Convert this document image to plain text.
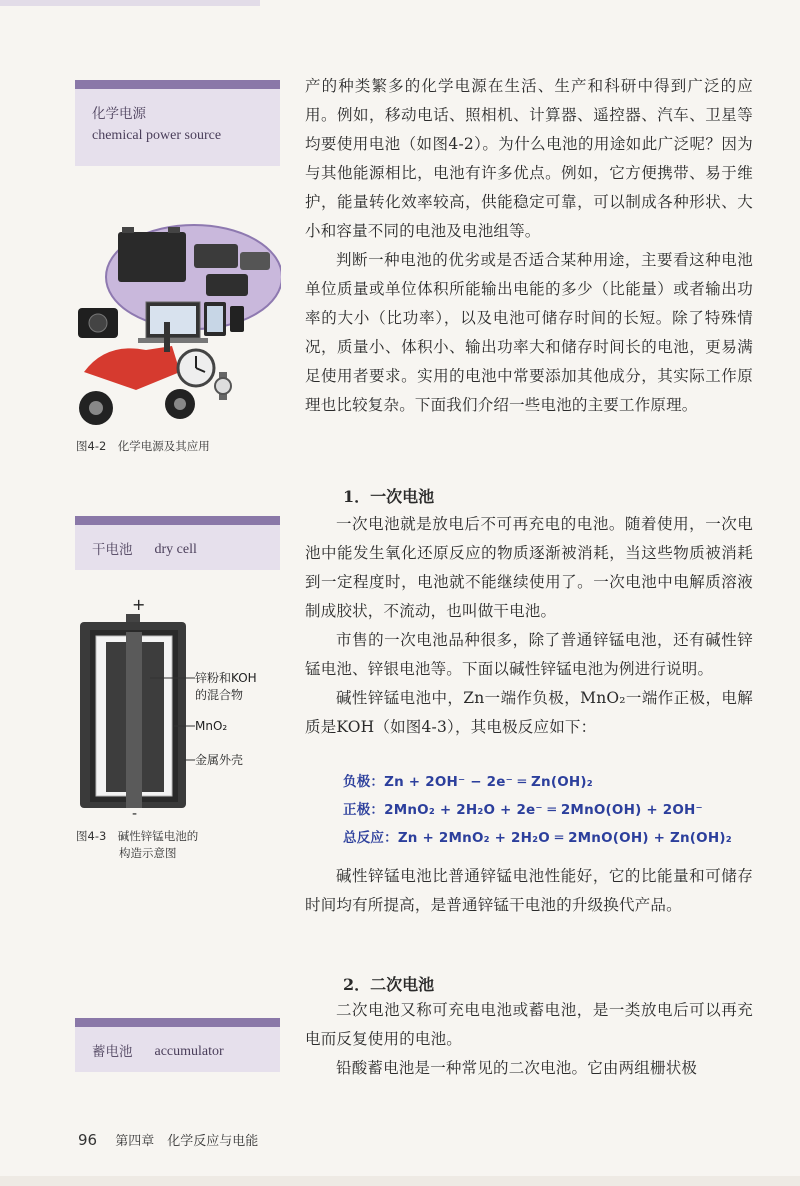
化学电源
chemical power source
图4-2　化学电源及其应用
干电池 dry cell
+
-
锌粉和KOH
的混合物
MnO₂
金属外壳
图4-3　碱性锌锰电池的
构造示意图
蓄电池 accumulator

产的种类繁多的化学电源在生活、生产和科研中得到广泛的应用。例如，移动电话、照相机、计算器、遥控器、汽车、卫星等均要使用电池（如图4-2）。为什么电池的用途如此广泛呢？因为与其他能源相比，电池有许多优点。例如，它方便携带、易于维护，能量转化效率较高，供能稳定可靠，可以制成各种形状、大小和容量不同的电池及电池组等。

判断一种电池的优劣或是否适合某种用途，主要看这种电池单位质量或单位体积所能输出电能的多少（比能量）或者输出功率的大小（比功率），以及电池可储存时间的长短。除了特殊情况，质量小、体积小、输出功率大和储存时间长的电池，更易满足使用者要求。实用的电池中常要添加其他成分，其实际工作原理也比较复杂。下面我们介绍一些电池的主要工作原理。

1．一次电池

一次电池就是放电后不可再充电的电池。随着使用，一次电池中能发生氧化还原反应的物质逐渐被消耗，当这些物质被消耗到一定程度时，电池就不能继续使用了。一次电池中电解质溶液制成胶状，不流动，也叫做干电池。

市售的一次电池品种很多，除了普通锌锰电池，还有碱性锌锰电池、锌银电池等。下面以碱性锌锰电池为例进行说明。

碱性锌锰电池中，Zn一端作负极，MnO₂一端作正极，电解质是KOH（如图4-3），其电极反应如下：

负极：Zn + 2OH⁻ − 2e⁻ ═ Zn(OH)₂
正极：2MnO₂ + 2H₂O + 2e⁻ ═ 2MnO(OH) + 2OH⁻
总反应：Zn + 2MnO₂ + 2H₂O ═ 2MnO(OH) + Zn(OH)₂

碱性锌锰电池比普通锌锰电池性能好，它的比能量和可储存时间均有所提高，是普通锌锰干电池的升级换代产品。

2．二次电池

二次电池又称可充电电池或蓄电池，是一类放电后可以再充电而反复使用的电池。

铅酸蓄电池是一种常见的二次电池。它由两组栅状极

96 第四章　化学反应与电能
